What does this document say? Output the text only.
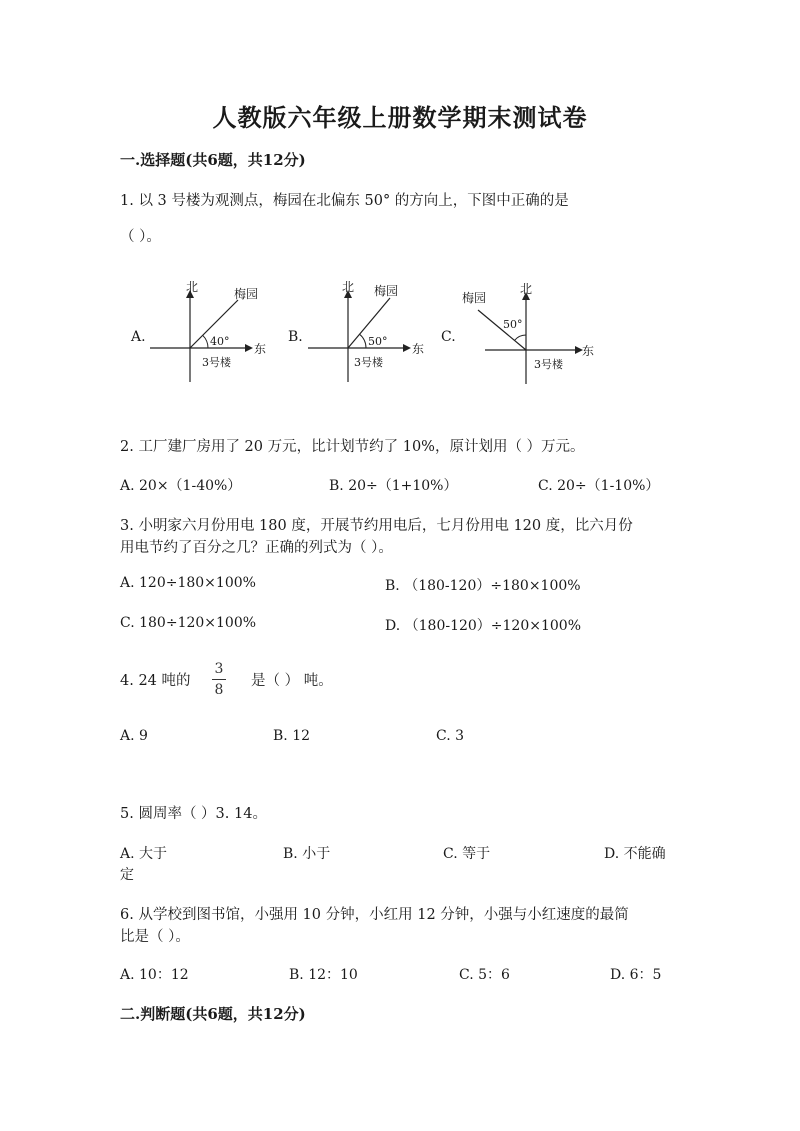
人教版六年级上册数学期末测试卷
一.选择题(共6题，共12分)
1. 以 3 号楼为观测点，梅园在北偏东 50° 的方向上，下图中正确的是
（ ）。
A.
北	梅园
40°
东
3号楼
B.
北 梅园
50°
东
3号楼
C.
北
梅园
50°
东
3号楼
2. 工厂建厂房用了 20 万元，比计划节约了 10%，原计划用（ ）万元。
A. 20×（1-40%）	B. 20÷（1+10%）	C. 20÷（1-10%）
3. 小明家六月份用电 180 度，开展节约用电后，七月份用电 120 度，比六月份
用电节约了百分之几？正确的列式为（ ）。
A. 120÷180×100%	B. （180-120）÷180×100%
C. 180÷120×100%	D. （180-120）÷120×100%
4. 24 吨的
3
8
是（ ） 吨。
A. 9	B. 12	C. 3
5. 圆周率（ ）3. 14。
A. 大于	B. 小于	C. 等于	D. 不能确
定
6. 从学校到图书馆，小强用 10 分钟，小红用 12 分钟，小强与小红速度的最简
比是（ ）。
A. 10：12	B. 12：10	C. 5：6	D. 6：5
二.判断题(共6题，共12分)
